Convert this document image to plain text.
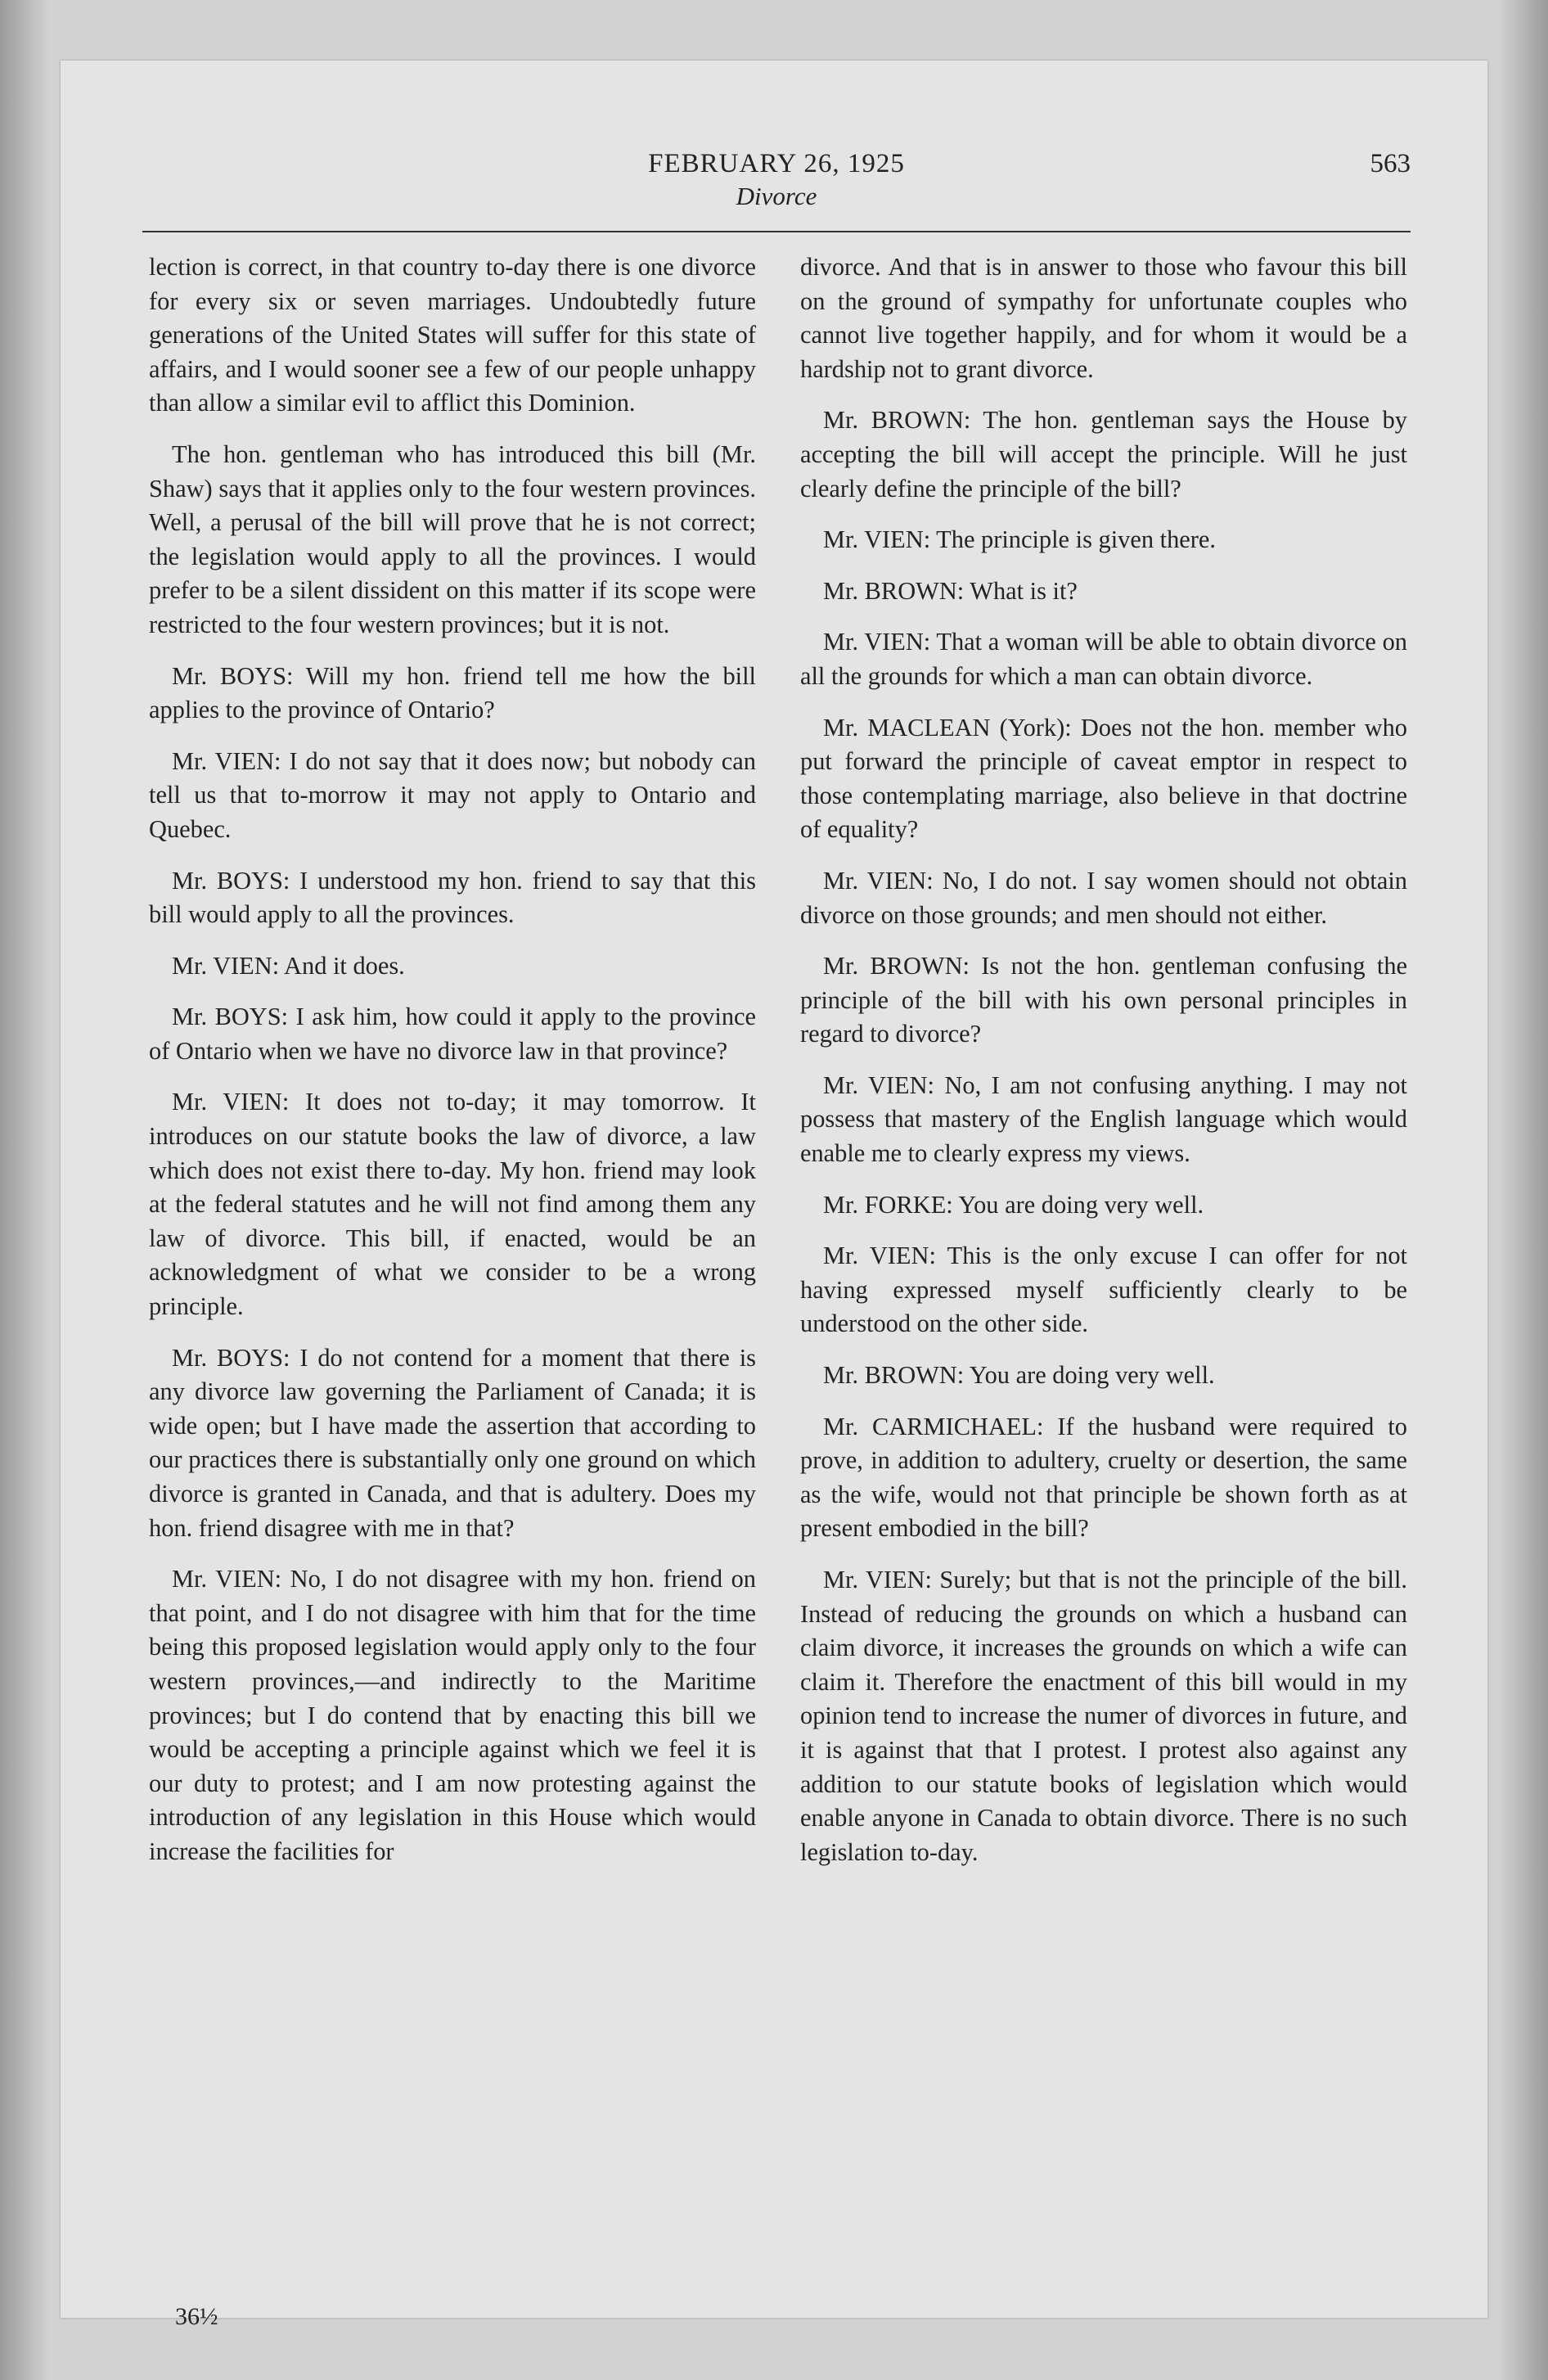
FEBRUARY 26, 1925
Divorce
563

lection is correct, in that country to-day there is one divorce for every six or seven marriages. Undoubtedly future generations of the United States will suffer for this state of affairs, and I would sooner see a few of our people unhappy than allow a similar evil to afflict this Dominion.

The hon. gentleman who has introduced this bill (Mr. Shaw) says that it applies only to the four western provinces. Well, a perusal of the bill will prove that he is not correct; the legislation would apply to all the provinces. I would prefer to be a silent dissident on this matter if its scope were restricted to the four western provinces; but it is not.

Mr. BOYS: Will my hon. friend tell me how the bill applies to the province of Ontario?

Mr. VIEN: I do not say that it does now; but nobody can tell us that to-morrow it may not apply to Ontario and Quebec.

Mr. BOYS: I understood my hon. friend to say that this bill would apply to all the provinces.

Mr. VIEN: And it does.

Mr. BOYS: I ask him, how could it apply to the province of Ontario when we have no divorce law in that province?

Mr. VIEN: It does not to-day; it may tomorrow. It introduces on our statute books the law of divorce, a law which does not exist there to-day. My hon. friend may look at the federal statutes and he will not find among them any law of divorce. This bill, if enacted, would be an acknowledgment of what we consider to be a wrong principle.

Mr. BOYS: I do not contend for a moment that there is any divorce law governing the Parliament of Canada; it is wide open; but I have made the assertion that according to our practices there is substantially only one ground on which divorce is granted in Canada, and that is adultery. Does my hon. friend disagree with me in that?

Mr. VIEN: No, I do not disagree with my hon. friend on that point, and I do not disagree with him that for the time being this proposed legislation would apply only to the four western provinces,—and indirectly to the Maritime provinces; but I do contend that by enacting this bill we would be accepting a principle against which we feel it is our duty to protest; and I am now protesting against the introduction of any legislation in this House which would increase the facilities for

divorce. And that is in answer to those who favour this bill on the ground of sympathy for unfortunate couples who cannot live together happily, and for whom it would be a hardship not to grant divorce.

Mr. BROWN: The hon. gentleman says the House by accepting the bill will accept the principle. Will he just clearly define the principle of the bill?

Mr. VIEN: The principle is given there.

Mr. BROWN: What is it?

Mr. VIEN: That a woman will be able to obtain divorce on all the grounds for which a man can obtain divorce.

Mr. MACLEAN (York): Does not the hon. member who put forward the principle of caveat emptor in respect to those contemplating marriage, also believe in that doctrine of equality?

Mr. VIEN: No, I do not. I say women should not obtain divorce on those grounds; and men should not either.

Mr. BROWN: Is not the hon. gentleman confusing the principle of the bill with his own personal principles in regard to divorce?

Mr. VIEN: No, I am not confusing anything. I may not possess that mastery of the English language which would enable me to clearly express my views.

Mr. FORKE: You are doing very well.

Mr. VIEN: This is the only excuse I can offer for not having expressed myself sufficiently clearly to be understood on the other side.

Mr. BROWN: You are doing very well.

Mr. CARMICHAEL: If the husband were required to prove, in addition to adultery, cruelty or desertion, the same as the wife, would not that principle be shown forth as at present embodied in the bill?

Mr. VIEN: Surely; but that is not the principle of the bill. Instead of reducing the grounds on which a husband can claim divorce, it increases the grounds on which a wife can claim it. Therefore the enactment of this bill would in my opinion tend to increase the numer of divorces in future, and it is against that that I protest. I protest also against any addition to our statute books of legislation which would enable anyone in Canada to obtain divorce. There is no such legislation to-day.

36½
